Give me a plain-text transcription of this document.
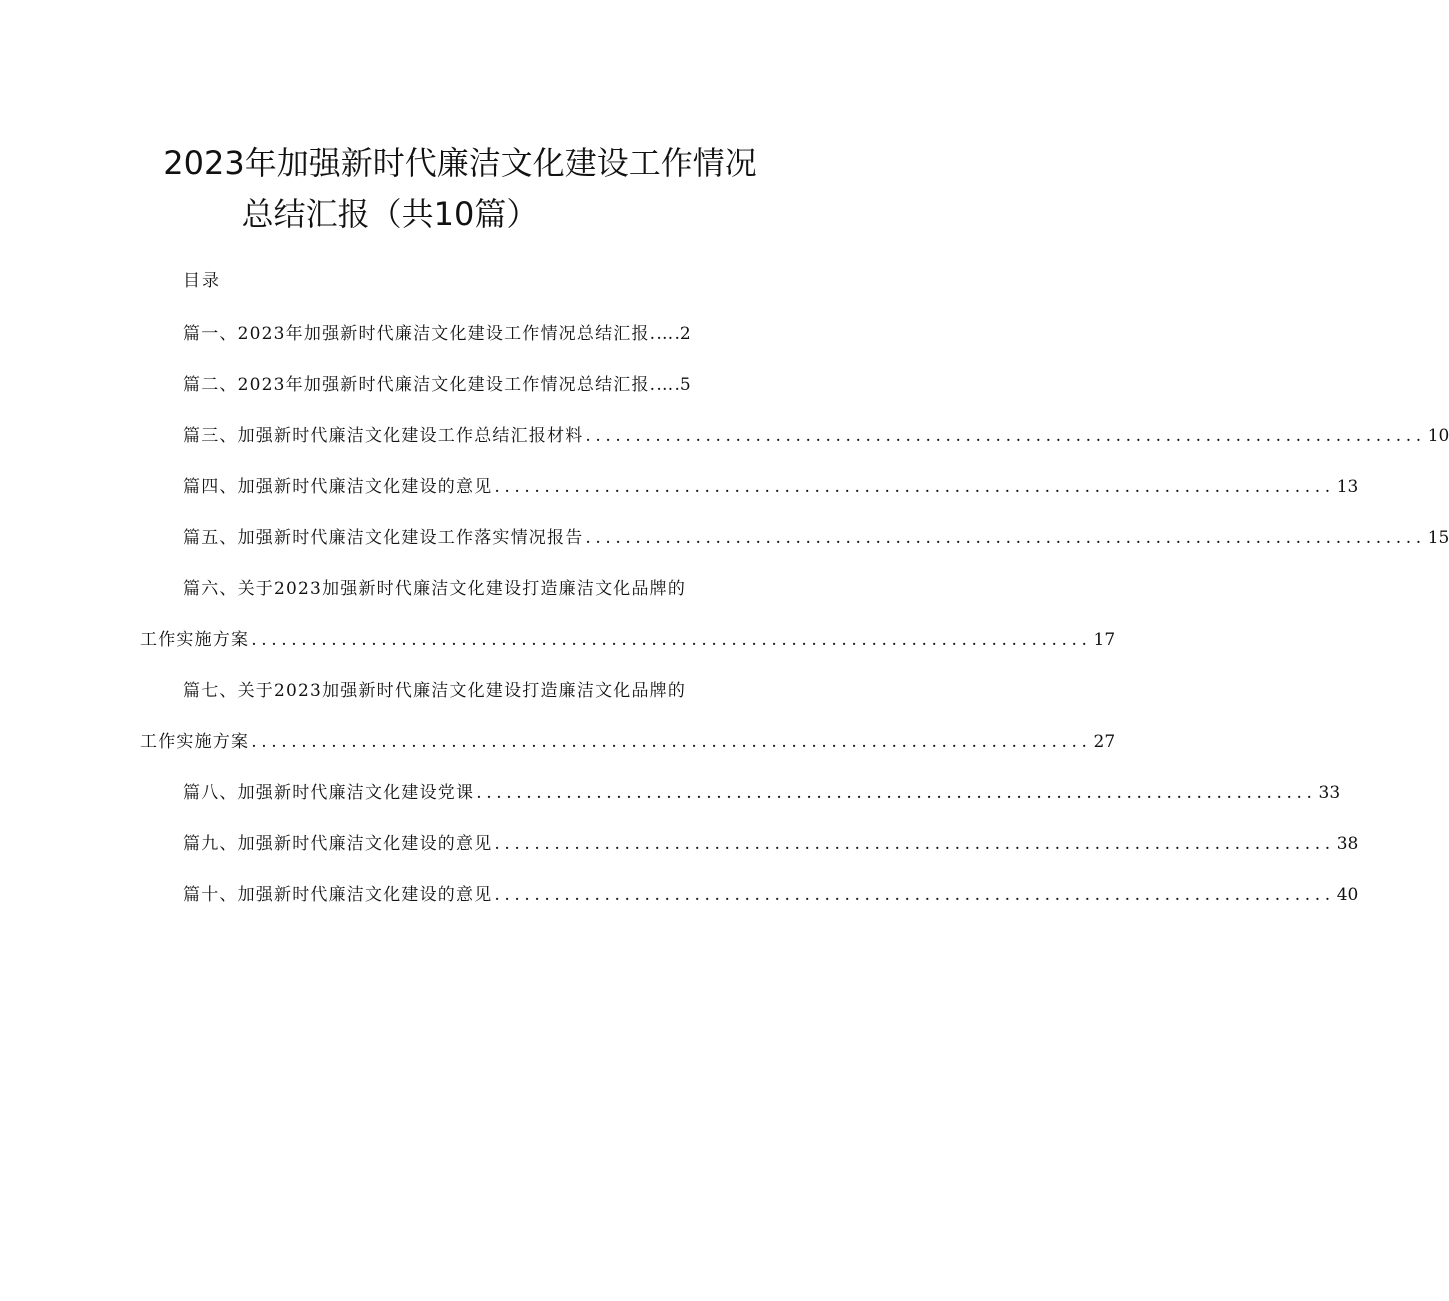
2023年加强新时代廉洁文化建设工作情况
总结汇报（共10篇）
目录
篇一、2023年加强新时代廉洁文化建设工作情况总结汇报.… .2
篇二、2023年加强新时代廉洁文化建设工作情况总结汇报.… .5
篇三、加强新时代廉洁文化建设工作总结汇报材料 .................................................................................... 10
篇四、加强新时代廉洁文化建设的意见 .................................................................................... 13
篇五、加强新时代廉洁文化建设工作落实情况报告 .................................................................................... 15
篇六、关于2023加强新时代廉洁文化建设打造廉洁文化品牌的
工作实施方案 .................................................................................... 17
篇七、关于2023加强新时代廉洁文化建设打造廉洁文化品牌的
工作实施方案 .................................................................................... 27
篇八、加强新时代廉洁文化建设党课 .................................................................................... 33
篇九、加强新时代廉洁文化建设的意见 .................................................................................... 38
篇十、加强新时代廉洁文化建设的意见 .................................................................................... 40
